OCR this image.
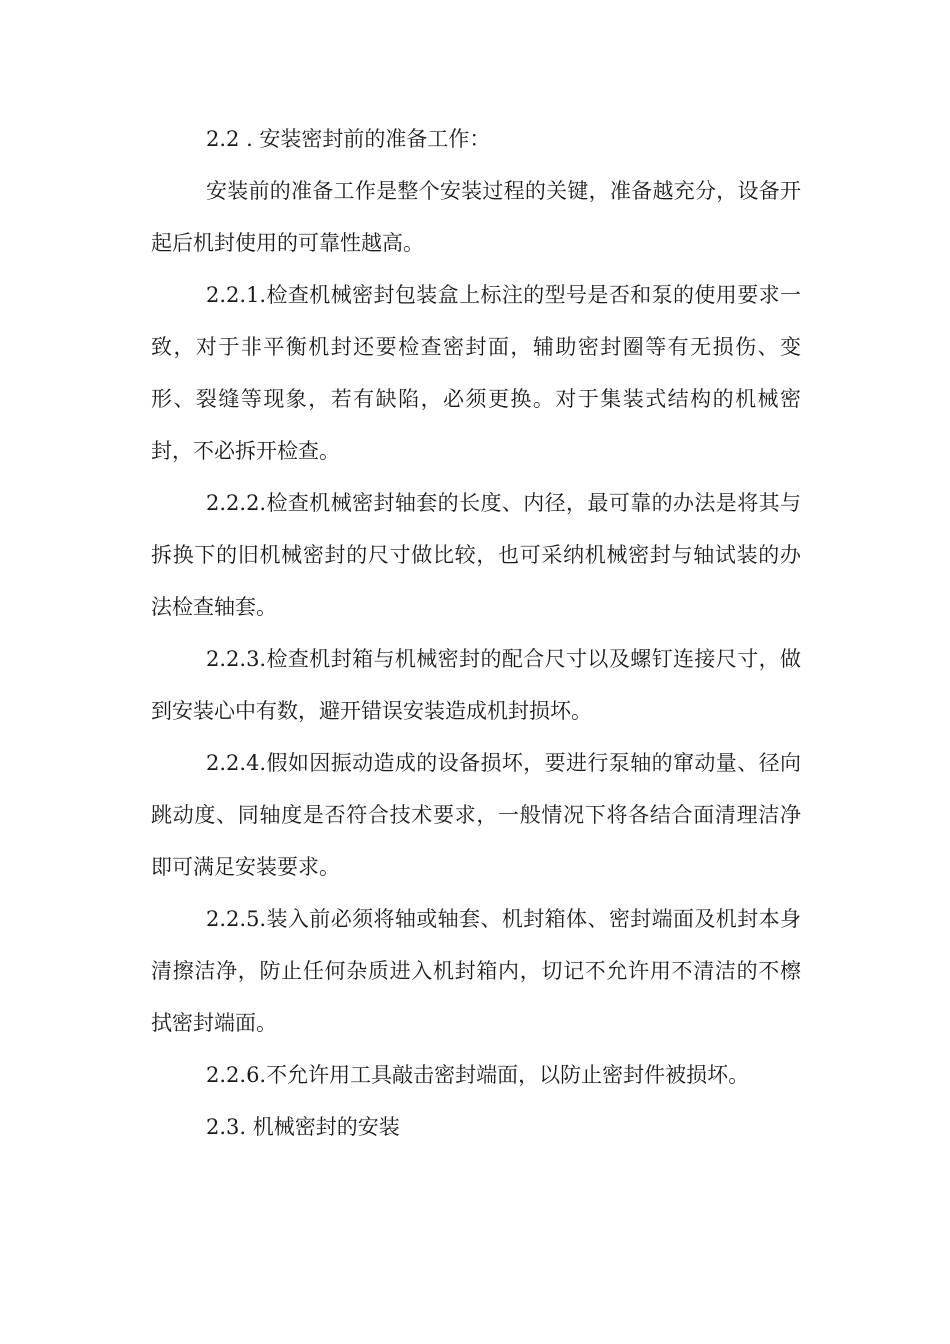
2.2 . 安装密封前的准备工作：

安装前的准备工作是整个安装过程的关键，准备越充分，设备开起后机封使用的可靠性越高。

2.2.1.检查机械密封包装盒上标注的型号是否和泵的使用要求一致，对于非平衡机封还要检查密封面，辅助密封圈等有无损伤、变形、裂缝等现象，若有缺陷，必须更换。对于集装式结构的机械密封，不必拆开检查。

2.2.2.检查机械密封轴套的长度、内径，最可靠的办法是将其与拆换下的旧机械密封的尺寸做比较，也可采纳机械密封与轴试装的办法检查轴套。

2.2.3.检查机封箱与机械密封的配合尺寸以及螺钉连接尺寸，做到安装心中有数，避开错误安装造成机封损坏。

2.2.4.假如因振动造成的设备损坏，要进行泵轴的窜动量、径向跳动度、同轴度是否符合技术要求，一般情况下将各结合面清理洁净即可满足安装要求。

2.2.5.装入前必须将轴或轴套、机封箱体、密封端面及机封本身清擦洁净，防止任何杂质进入机封箱内，切记不允许用不清洁的不檫拭密封端面。

2.2.6.不允许用工具敲击密封端面，以防止密封件被损坏。

2.3. 机械密封的安装
